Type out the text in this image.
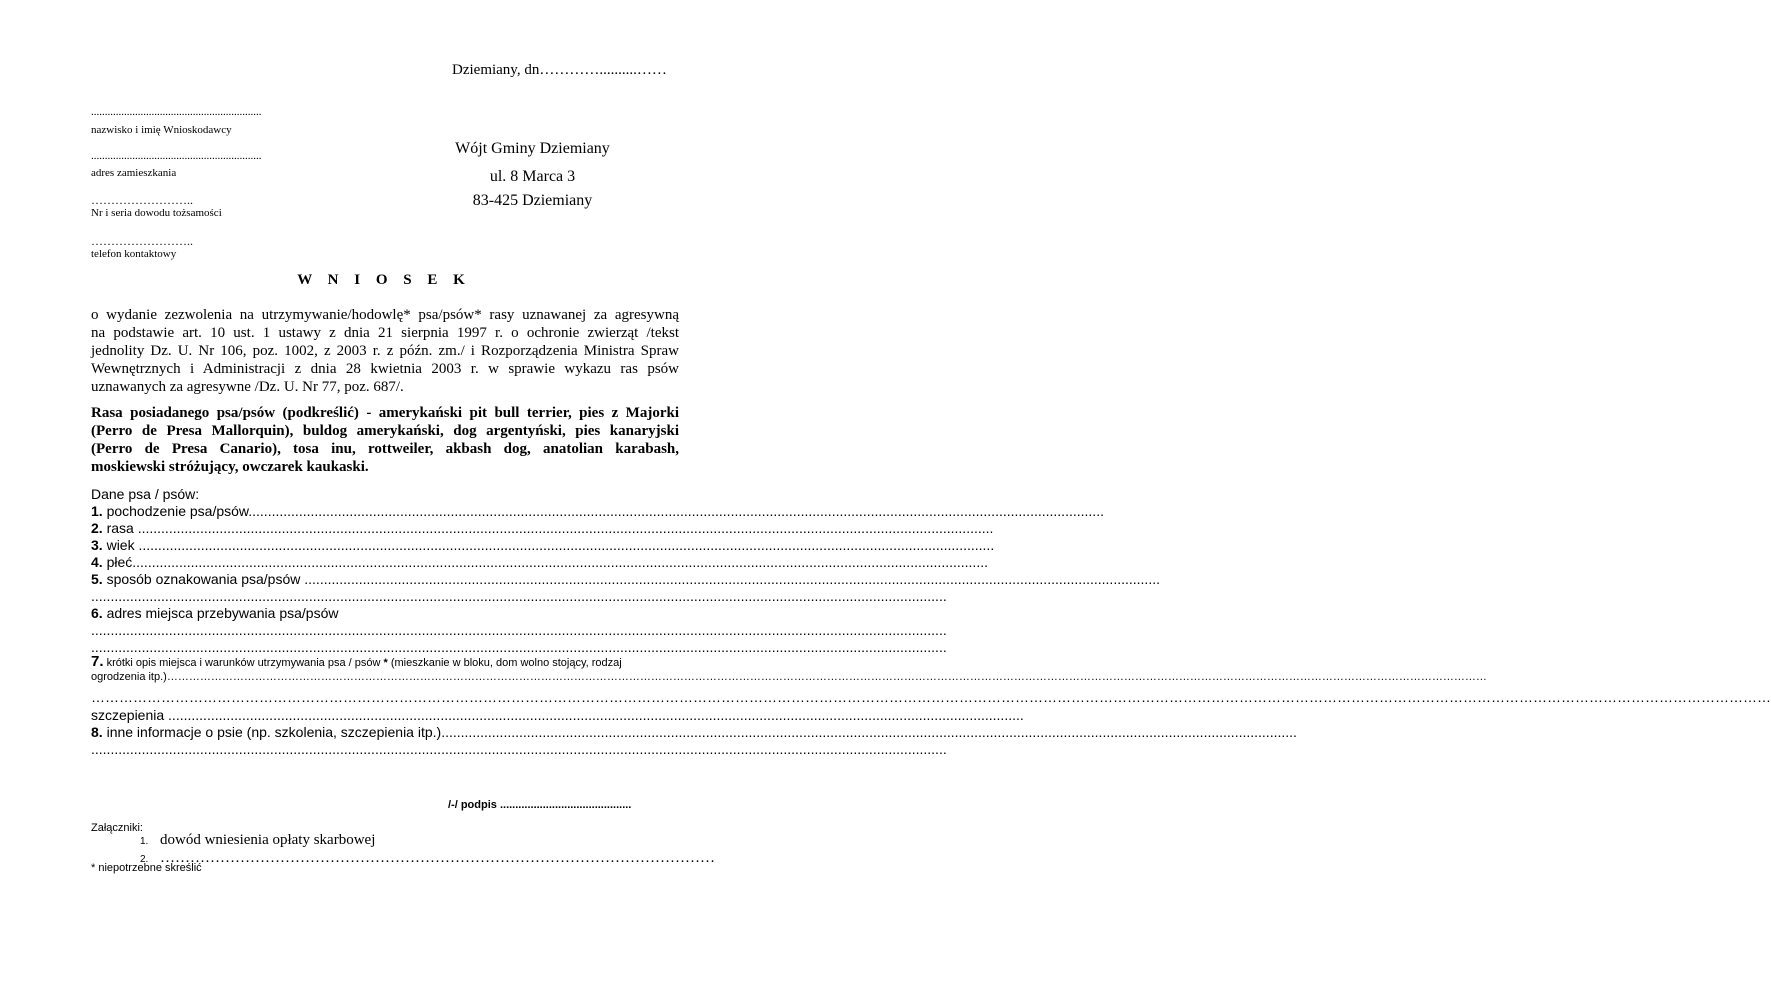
Dziemiany, dn…………..........……
..............................................................
nazwisko i imię Wnioskodawcy
..............................................................
adres zamieszkania
……………………..
Nr i seria dowodu tożsamości
……………………..
telefon kontaktowy
Wójt Gminy Dziemiany
ul. 8 Marca 3
83-425 Dziemiany
W N I O S E K
o wydanie zezwolenia na utrzymywanie/hodowlę* psa/psów* rasy uznawanej za agresywną
na podstawie art. 10 ust. 1 ustawy z dnia 21 sierpnia 1997 r. o ochronie zwierząt /tekst
jednolity Dz. U. Nr 106, poz. 1002, z 2003 r. z późn. zm./ i Rozporządzenia Ministra Spraw
Wewnętrznych i Administracji z dnia 28 kwietnia 2003 r. w sprawie wykazu ras psów
uznawanych za agresywne /Dz. U. Nr 77, poz. 687/.
Rasa posiadanego psa/psów (podkreślić) - amerykański pit bull terrier, pies z Majorki
(Perro de Presa Mallorquin), buldog amerykański, dog argentyński, pies kanaryjski
(Perro de Presa Canario), tosa inu, rottweiler, akbash dog, anatolian karabash,
moskiewski stróżujący, owczarek kaukaski.
Dane psa / psów:
1. pochodzenie psa/psów............................................................................................................................................................................................................................
2. rasa ............................................................................................................................................................................................................................
3. wiek ............................................................................................................................................................................................................................
4. płeć............................................................................................................................................................................................................................
5. sposób oznakowania psa/psów ............................................................................................................................................................................................................................
............................................................................................................................................................................................................................
6. adres miejsca przebywania psa/psów
............................................................................................................................................................................................................................
............................................................................................................................................................................................................................
7. krótki opis miejsca i warunków utrzymywania psa / psów * (mieszkanie w bloku, dom wolno stojący, rodzaj
ogrodzenia itp.)………………………………………………………………………………………………………………………………………………………………………………………………………………………………………………………………………………………………………………………………
………………………………………………………………………………………………………………………………………………………………………………………………………………………………………………………………………………………………………………………………
szczepienia ............................................................................................................................................................................................................................
8. inne informacje o psie (np. szkolenia, szczepienia itp.)............................................................................................................................................................................................................................
............................................................................................................................................................................................................................
/-/ podpis ...........................................
Załączniki:
1. dowód wniesienia opłaty skarbowej
2. …………………………………………………………………………………………………
* niepotrzebne skreślić
